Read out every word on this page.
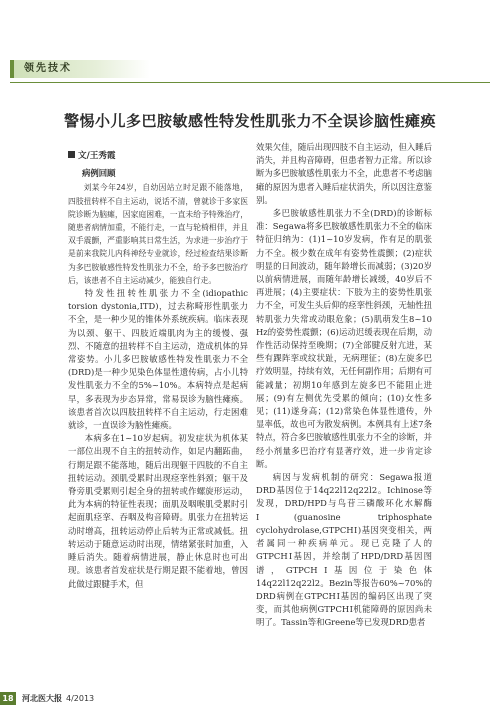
领先技术
警惕小儿多巴胺敏感性特发性肌张力不全误诊脑性瘫痪
文/王秀霞
病例回顾

刘某今年24岁，自幼因站立时足跟不能落地，四肢扭转样不自主运动，说话不清，曾就诊于多家医院诊断为脑瘫，因家庭困难，一直未给予特殊治疗，随患者病情加重，不能行走，一直与轮椅相伴，并且双手震颤，严重影响其日常生活，为求进一步治疗于是前来我院儿内科神经专业就诊，经过检查结果诊断为多巴胺敏感性特发性肌张力不全，给予多巴胺治疗后，该患者不自主运动减少，能独自行走。

特发性扭转性肌张力不全(idiopathic torsion dystonia,ITD)，过去称畸形性肌张力不全，是一种少见的锥体外系统疾病。临床表现为以颈、躯干、四肢近端肌肉为主的缓慢、强烈、不随意的扭转样不自主运动，造成机体的异常姿势。小儿多巴胺敏感性特发性肌张力不全(DRD)是一种少见染色体显性遗传病，占小儿特发性肌张力不全的5%~10%。本病特点是起病早，多表现为步态异常，常易误诊为脑性瘫痪。该患者首次以四肢扭转样不自主运动，行走困难就诊，一直误诊为脑性瘫痪。

本病多在1~10岁起病。初发症状为机体某一部位出现不自主的扭转动作，如足内翻跖曲，行期足跟不能落地，随后出现躯干四肢的不自主扭转运动。颈肌受累时出现痉挛性斜颈；躯干及脊旁肌受累则引起全身的扭转或作螺旋形运动，此为本病的特征性表现；面肌及咽喉肌受累时引起面肌痉挛、吞咽及构音障碍。肌张力在扭转运动时增高，扭转运动停止后转为正常或减低。扭转运动于随意运动时出现，情绪紧张时加重，入睡后消失。随着病情进展，静止休息时也可出现。该患者首发症状是行期足跟不能着地，曾因此做过跟腱手术，但

效果欠佳，随后出现四肢不自主运动，但入睡后消失，并且构音障碍，但患者智力正常。所以诊断为多巴胺敏感性肌张力不全，此患者不考虑脑瘫的原因为患者入睡后症状消失，所以因注意鉴别。

多巴胺敏感性肌张力不全(DRD)的诊断标准：Segawa将多巴胺敏感性肌张力不全的临床特征归纳为：(1)1~10岁发病，作有足的肌张力不全。极少数在成年有姿势性震颤；(2)症状明显的日间波动，随年龄增长而减弱；(3)20岁以前病情进展，而随年龄增长减缓，40岁后不再进展；(4)主要症状：下肢为主的姿势性肌张力不全，可发生头后仰的痉挛性斜颈，无轴性扭转肌张力失常或动眼危象；(5)肌萌发生8~10 Hz的姿势性震颤；(6)运动迟缓表现在后期，动作性活动保持至晚期；(7)全部腱反射亢进，某些有踝阵挛或纹状趾，无病理征；(8)左旋多巴疗效明显，持续有效，无任何副作用；后期有可能减量；初期10年感到左旋多巴不能阻止进展；(9)有左侧优先受累的倾向；(10)女性多见；(11)遂身高；(12)常染色体显性遗传，外显率低，故也可为散发病例。本例具有上述7条特点，符合多巴胺敏感性肌张力不全的诊断，并经小剂量多巴治疗有显著疗效，进一步肯定诊断。

病因与发病机制的研究：Segawa报道DRD基因位于14q22l12q22l2。Ichinose等发现，DRD/HPD与鸟苷三磷酸环化水解酶Ⅰ(guanosine triphosphate cyclohydrolase,GTPCHⅠ)基因突变相关，两者属同一种疾病单元。现已克隆了人的GTPCHⅠ基因，并绘制了HPD/DRD基因图谱，GTPCHⅠ基因位于染色体14q22l12q22l2。Bezin等报告60%~70%的DRD病例在GTPCHⅠ基因的编码区出现了突变，而其他病例GTPCHⅠ机能障碍的原因尚未明了。Tassin等和Greene等已发现DRD患者

18	河北医大报 4/2013
